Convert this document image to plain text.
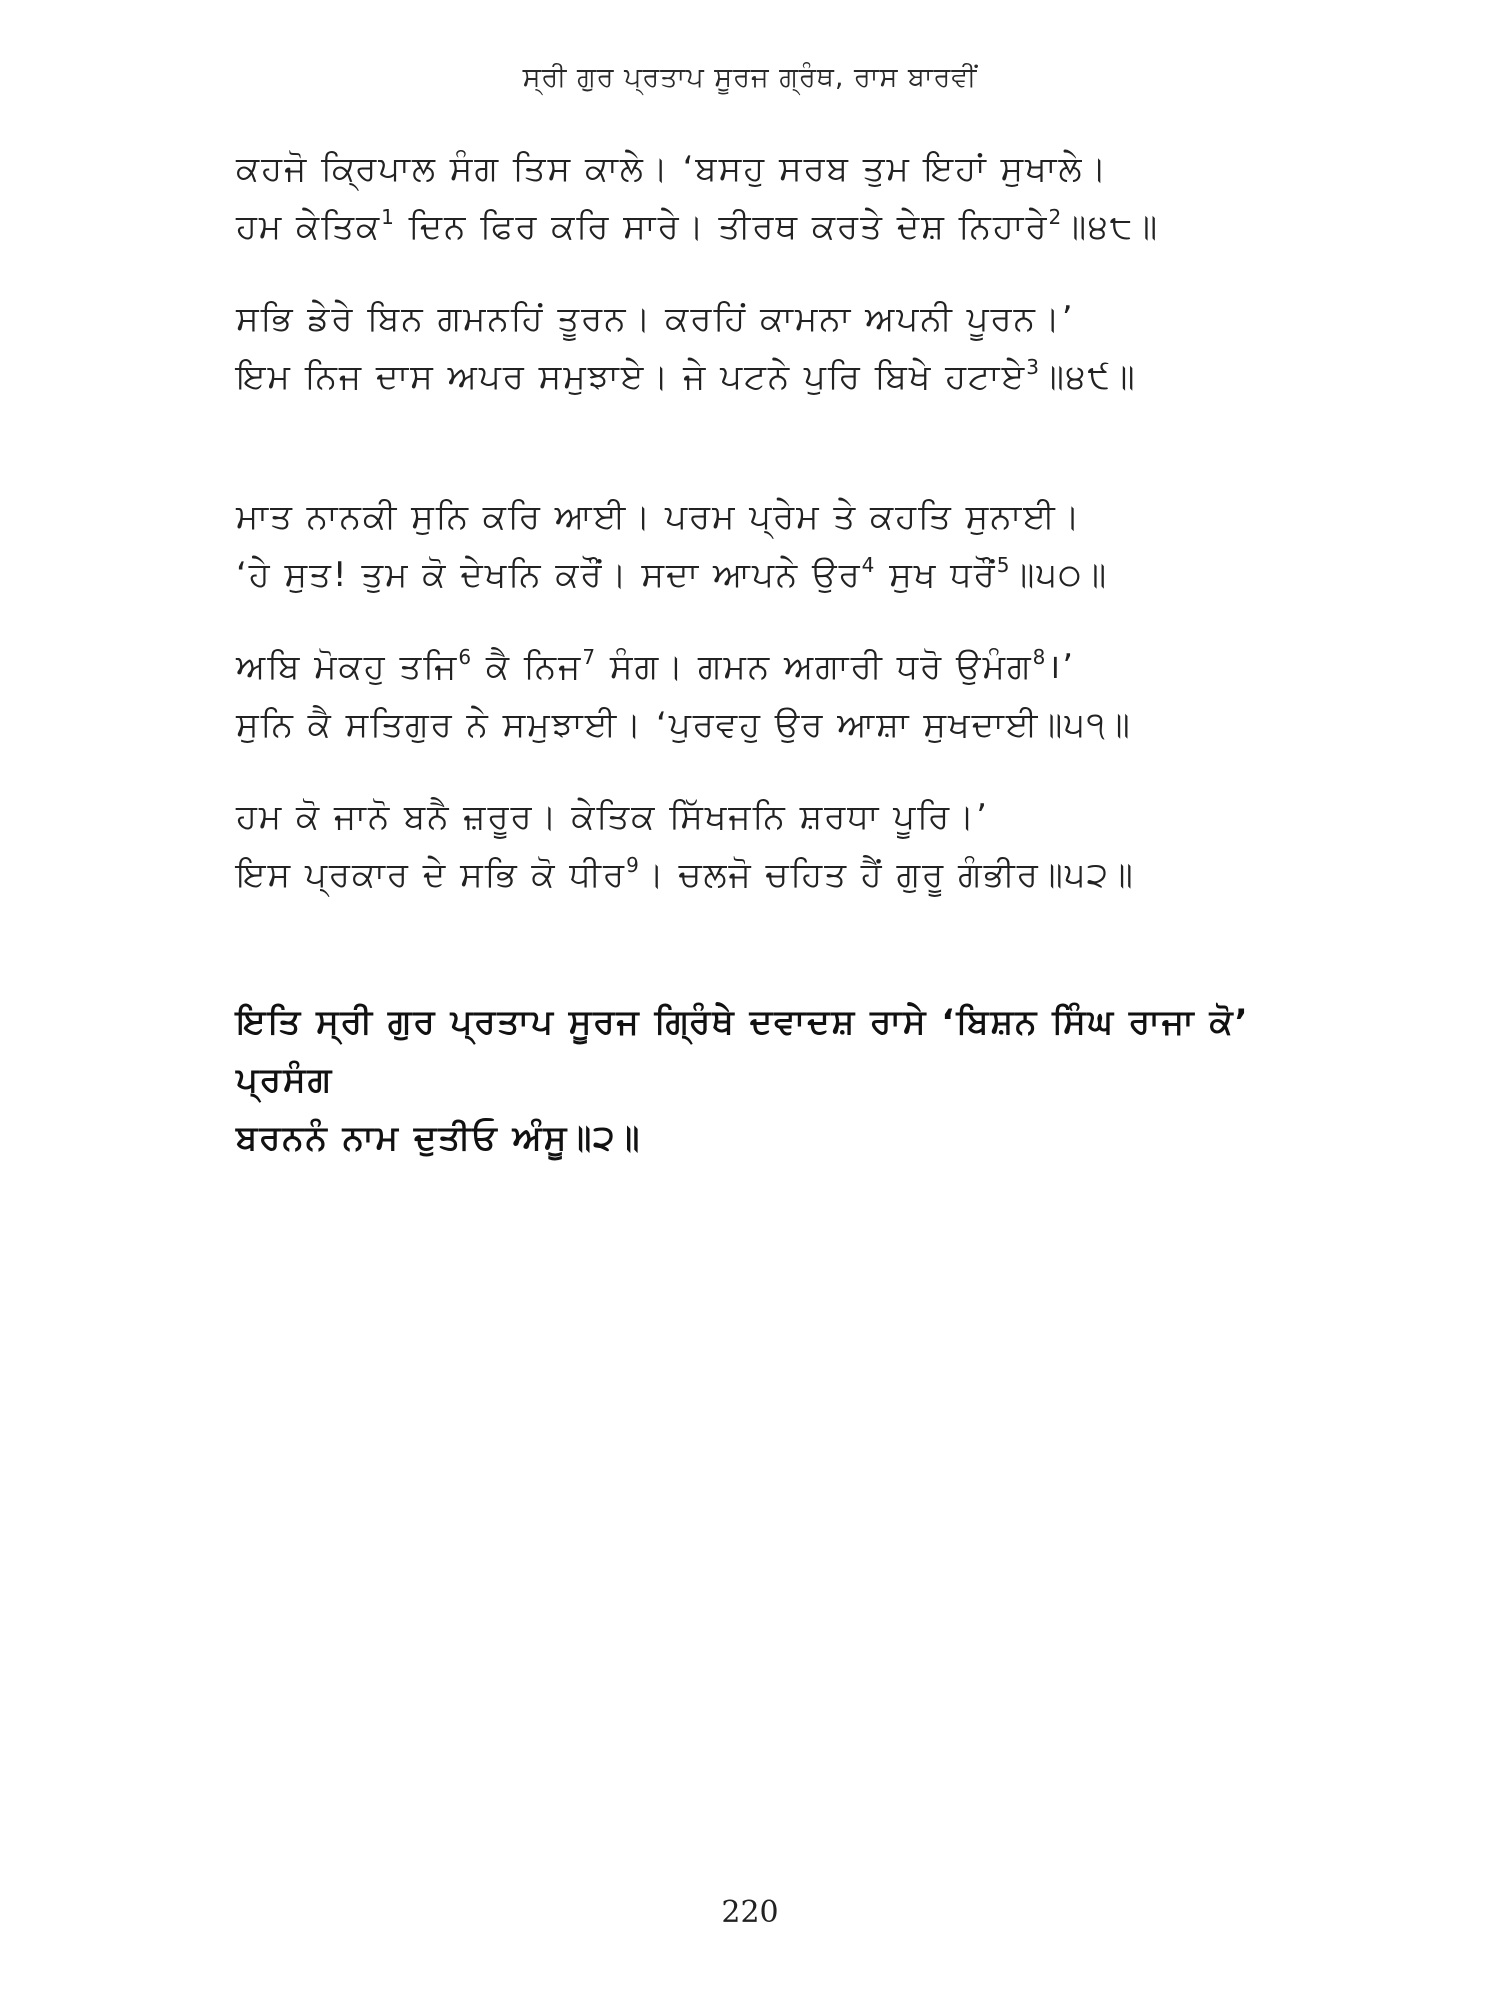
ਸ੍ਰੀ ਗੁਰ ਪ੍ਰਤਾਪ ਸੂਰਜ ਗ੍ਰੰਥ, ਰਾਸ ਬਾਰਵੀਂ
ਕਹਜੋ ਕ੍ਰਿਪਾਲ ਸੰਗ ਤਿਸ ਕਾਲੇ। ‘ਬਸਹੁ ਸਰਬ ਤੁਮ ਇਹਾਂ ਸੁਖਾਲੇ।
ਹਮ ਕੇਤਿਕ$^1$ ਦਿਨ ਫਿਰ ਕਰਿ ਸਾਰੇ। ਤੀਰਥ ਕਰਤੇ ਦੇਸ਼ ਨਿਹਾਰੇ$^2$॥੪੮॥
ਸਭਿ ਡੇਰੇ ਬਿਨ ਗਮਨਹਿਂ ਤੂਰਨ। ਕਰਹਿਂ ਕਾਮਨਾ ਅਪਨੀ ਪੂਰਨ।’
ਇਮ ਨਿਜ ਦਾਸ ਅਪਰ ਸਮੁਝਾਏ। ਜੇ ਪਟਨੇ ਪੁਰਿ ਬਿਖੇ ਹਟਾਏ$^3$॥੪੯॥
ਮਾਤ ਨਾਨਕੀ ਸੁਨਿ ਕਰਿ ਆਈ। ਪਰਮ ਪ੍ਰੇਮ ਤੇ ਕਹਤਿ ਸੁਨਾਈ।
‘ਹੇ ਸੁਤ! ਤੁਮ ਕੋ ਦੇਖਨਿ ਕਰੌਂ। ਸਦਾ ਆਪਨੇ ਉਰ$^4$ ਸੁਖ ਧਰੌਂ$^5$॥੫੦॥
ਅਬਿ ਮੋਕਹੁ ਤਜਿ$^6$ ਕੈ ਨਿਜ$^7$ ਸੰਗ। ਗਮਨ ਅਗਾਰੀ ਧਰੋ ਉਮੰਗ$^8$।’
ਸੁਨਿ ਕੈ ਸਤਿਗੁਰ ਨੇ ਸਮੁਝਾਈ। ‘ਪੁਰਵਹੁ ਉਰ ਆਸ਼ਾ ਸੁਖਦਾਈ॥੫੧॥
ਹਮ ਕੋ ਜਾਨੋ ਬਨੈ ਜ਼ਰੂਰ। ਕੇਤਿਕ ਸਿੱਖਜਨਿ ਸ਼ਰਧਾ ਪੂਰਿ।’
ਇਸ ਪ੍ਰਕਾਰ ਦੇ ਸਭਿ ਕੋ ਧੀਰ$^9$। ਚਲਜੋ ਚਹਿਤ ਹੈਂ ਗੁਰੂ ਗੰਭੀਰ॥੫੨॥
ਇਤਿ ਸ੍ਰੀ ਗੁਰ ਪ੍ਰਤਾਪ ਸੂਰਜ ਗ੍ਰਿੰਥੇ ਦਵਾਦਸ਼ ਰਾਸੇ ‘ਬਿਸ਼ਨ ਸਿੰਘ ਰਾਜਾ ਕੋ’ ਪ੍ਰਸੰਗ
ਬਰਨਨੰ ਨਾਮ ਦੁਤੀਓ ਅੰਸੂ॥੨॥
220
